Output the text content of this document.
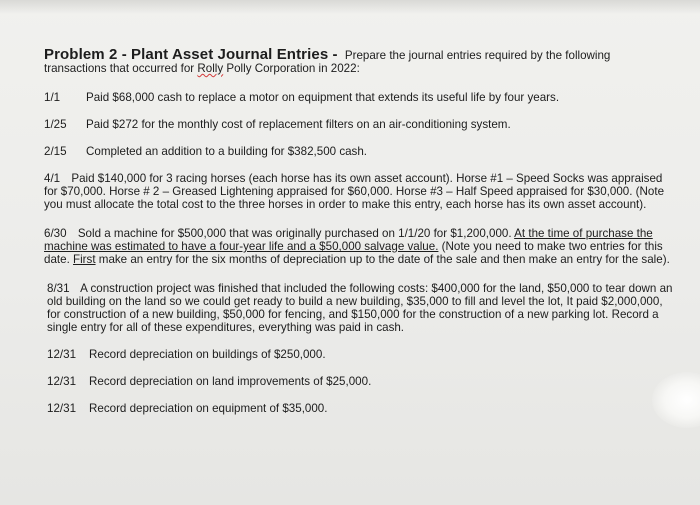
Problem 2 - Plant Asset Journal Entries - Prepare the journal entries required by the following
transactions that occurred for Rolly Polly Corporation in 2022:
1/1 Paid $68,000 cash to replace a motor on equipment that extends its useful life by four years.
1/25 Paid $272 for the monthly cost of replacement filters on an air-conditioning system.
2/15 Completed an addition to a building for $382,500 cash.
4/1 Paid $140,000 for 3 racing horses (each horse has its own asset account). Horse #1 – Speed Socks was appraised for $70,000. Horse # 2 – Greased Lightening appraised for $60,000. Horse #3 – Half Speed appraised for $30,000. (Note you must allocate the total cost to the three horses in order to make this entry, each horse has its own asset account).
6/30 Sold a machine for $500,000 that was originally purchased on 1/1/20 for $1,200,000. At the time of purchase the machine was estimated to have a four-year life and a $50,000 salvage value. (Note you need to make two entries for this date. First make an entry for the six months of depreciation up to the date of the sale and then make an entry for the sale).
8/31 A construction project was finished that included the following costs: $400,000 for the land, $50,000 to tear down an old building on the land so we could get ready to build a new building, $35,000 to fill and level the lot, It paid $2,000,000, for construction of a new building, $50,000 for fencing, and $150,000 for the construction of a new parking lot. Record a single entry for all of these expenditures, everything was paid in cash.
12/31 Record depreciation on buildings of $250,000.
12/31 Record depreciation on land improvements of $25,000.
12/31 Record depreciation on equipment of $35,000.
